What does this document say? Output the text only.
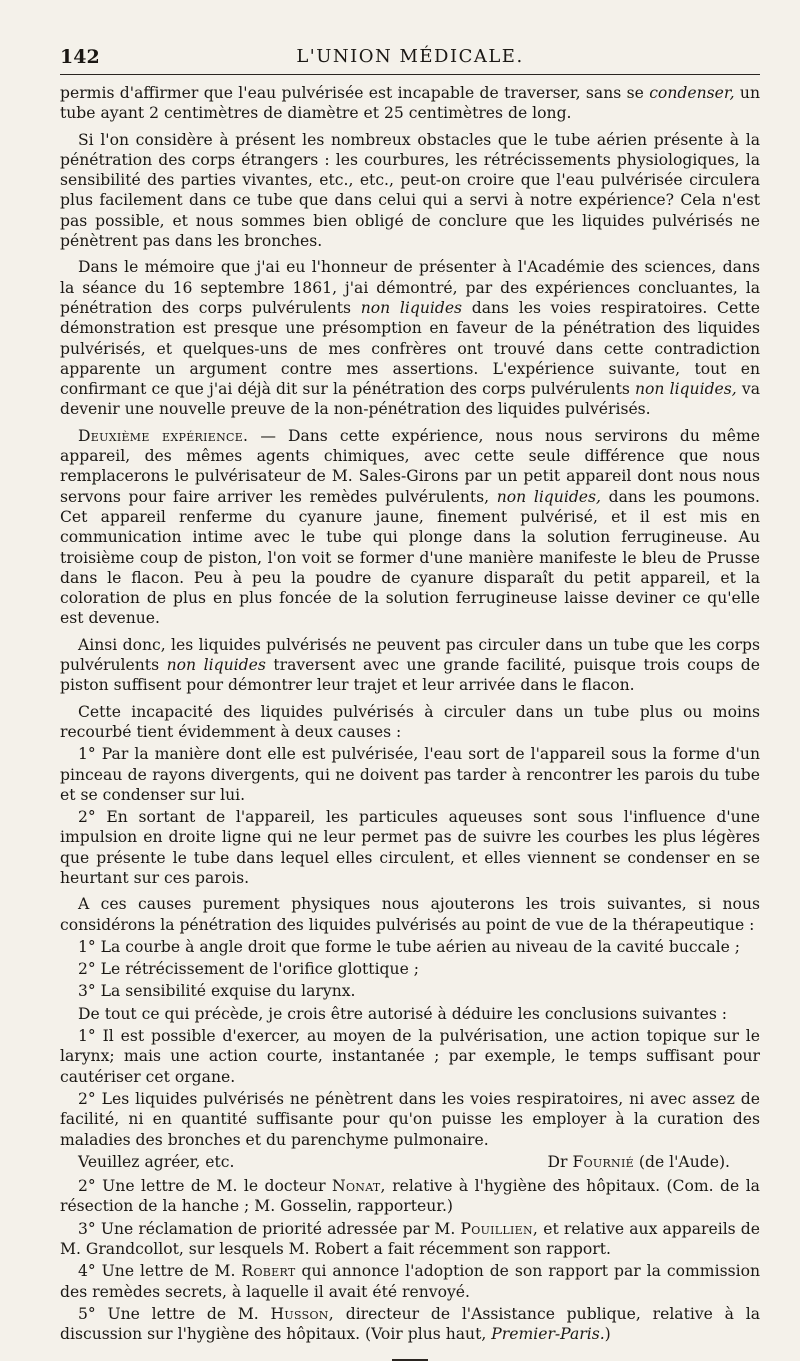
142	L'UNION MÉDICALE.

permis d'affirmer que l'eau pulvérisée est incapable de traverser, sans se condenser, un tube ayant 2 centimètres de diamètre et 25 centimètres de long.

Si l'on considère à présent les nombreux obstacles que le tube aérien présente à la pénétration des corps étrangers : les courbures, les rétrécissements physiologiques, la sensibilité des parties vivantes, etc., etc., peut-on croire que l'eau pulvérisée circulera plus facilement dans ce tube que dans celui qui a servi à notre expérience? Cela n'est pas possible, et nous sommes bien obligé de conclure que les liquides pulvérisés ne pénètrent pas dans les bronches.

Dans le mémoire que j'ai eu l'honneur de présenter à l'Académie des sciences, dans la séance du 16 septembre 1861, j'ai démontré, par des expériences concluantes, la pénétration des corps pulvérulents non liquides dans les voies respiratoires. Cette démonstration est presque une présomption en faveur de la pénétration des liquides pulvérisés, et quelques-uns de mes confrères ont trouvé dans cette contradiction apparente un argument contre mes assertions. L'expérience suivante, tout en confirmant ce que j'ai déjà dit sur la pénétration des corps pulvérulents non liquides, va devenir une nouvelle preuve de la non-pénétration des liquides pulvérisés.

Deuxième expérience. — Dans cette expérience, nous nous servirons du même appareil, des mêmes agents chimiques, avec cette seule différence que nous remplacerons le pulvérisateur de M. Sales-Girons par un petit appareil dont nous nous servons pour faire arriver les remèdes pulvérulents, non liquides, dans les poumons. Cet appareil renferme du cyanure jaune, finement pulvérisé, et il est mis en communication intime avec le tube qui plonge dans la solution ferrugineuse. Au troisième coup de piston, l'on voit se former d'une manière manifeste le bleu de Prusse dans le flacon. Peu à peu la poudre de cyanure disparaît du petit appareil, et la coloration de plus en plus foncée de la solution ferrugineuse laisse deviner ce qu'elle est devenue.

Ainsi donc, les liquides pulvérisés ne peuvent pas circuler dans un tube que les corps pulvérulents non liquides traversent avec une grande facilité, puisque trois coups de piston suffisent pour démontrer leur trajet et leur arrivée dans le flacon.

Cette incapacité des liquides pulvérisés à circuler dans un tube plus ou moins recourbé tient évidemment à deux causes :

1° Par la manière dont elle est pulvérisée, l'eau sort de l'appareil sous la forme d'un pinceau de rayons divergents, qui ne doivent pas tarder à rencontrer les parois du tube et se condenser sur lui.

2° En sortant de l'appareil, les particules aqueuses sont sous l'influence d'une impulsion en droite ligne qui ne leur permet pas de suivre les courbes les plus légères que présente le tube dans lequel elles circulent, et elles viennent se condenser en se heurtant sur ces parois.

A ces causes purement physiques nous ajouterons les trois suivantes, si nous considérons la pénétration des liquides pulvérisés au point de vue de la thérapeutique :

1° La courbe à angle droit que forme le tube aérien au niveau de la cavité buccale ;

2° Le rétrécissement de l'orifice glottique ;

3° La sensibilité exquise du larynx.

De tout ce qui précède, je crois être autorisé à déduire les conclusions suivantes :

1° Il est possible d'exercer, au moyen de la pulvérisation, une action topique sur le larynx; mais une action courte, instantanée ; par exemple, le temps suffisant pour cautériser cet organe.

2° Les liquides pulvérisés ne pénètrent dans les voies respiratoires, ni avec assez de facilité, ni en quantité suffisante pour qu'on puisse les employer à la curation des maladies des bronches et du parenchyme pulmonaire.

Veuillez agréer, etc.	Dr Fournié (de l'Aude).

2° Une lettre de M. le docteur Nonat, relative à l'hygiène des hôpitaux. (Com. de la résection de la hanche ; M. Gosselin, rapporteur.)

3° Une réclamation de priorité adressée par M. Pouillien, et relative aux appareils de M. Grandcollot, sur lesquels M. Robert a fait récemment son rapport.

4° Une lettre de M. Robert qui annonce l'adoption de son rapport par la commission des remèdes secrets, à laquelle il avait été renvoyé.

5° Une lettre de M. Husson, directeur de l'Assistance publique, relative à la discussion sur l'hygiène des hôpitaux. (Voir plus haut, Premier-Paris.)
